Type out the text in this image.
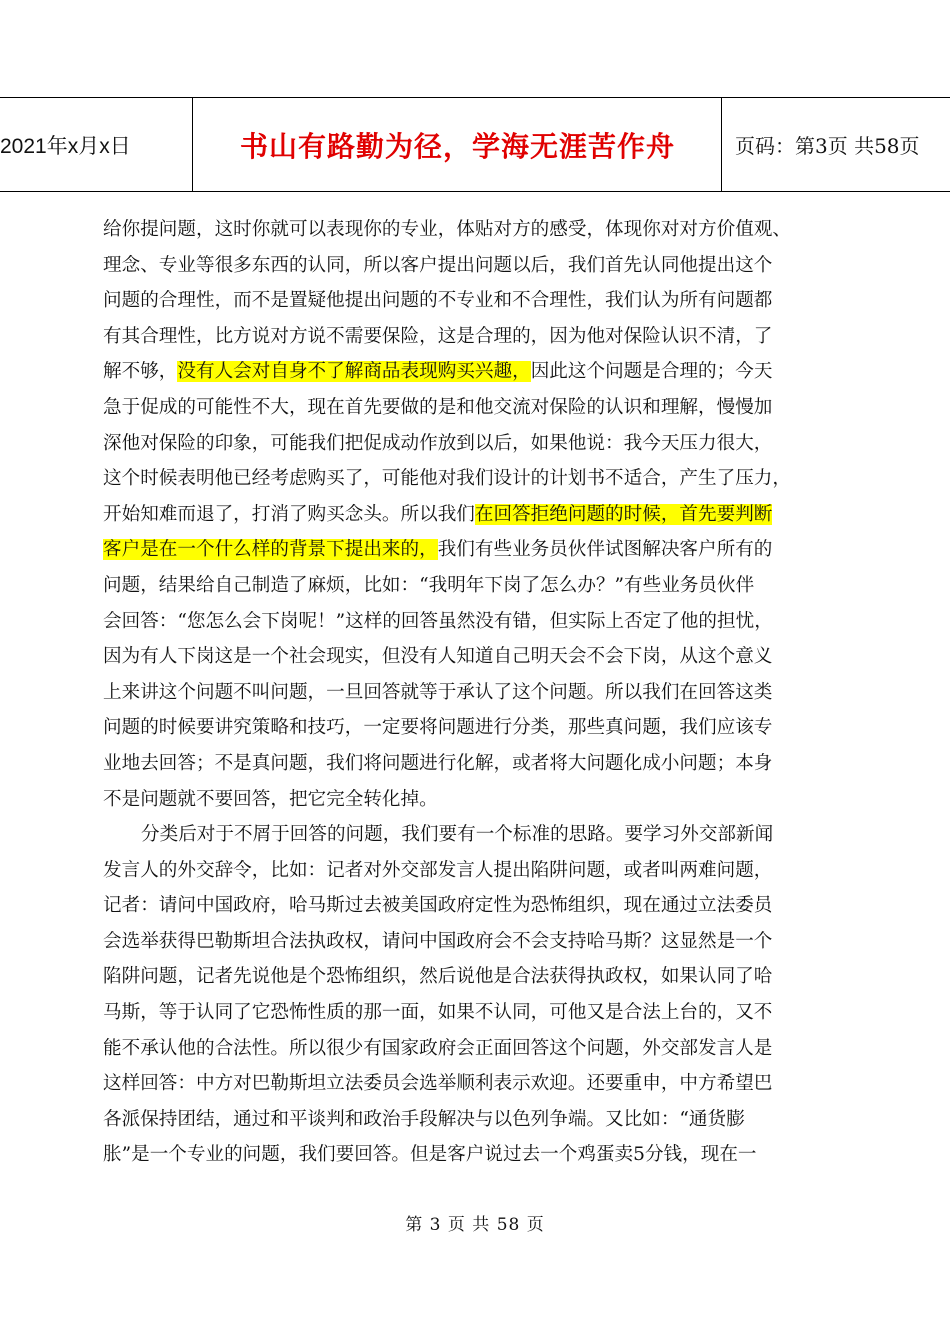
2021年x月x日	书山有路勤为径，学海无涯苦作舟	页码：第3页 共58页
给你提问题，这时你就可以表现你的专业，体贴对方的感受，体现你对对方价值观、
理念、专业等很多东西的认同，所以客户提出问题以后，我们首先认同他提出这个
问题的合理性，而不是置疑他提出问题的不专业和不合理性，我们认为所有问题都
有其合理性，比方说对方说不需要保险，这是合理的，因为他对保险认识不清，了
解不够，没有人会对自身不了解商品表现购买兴趣，因此这个问题是合理的；今天
急于促成的可能性不大，现在首先要做的是和他交流对保险的认识和理解，慢慢加
深他对保险的印象，可能我们把促成动作放到以后，如果他说：我今天压力很大，
这个时候表明他已经考虑购买了，可能他对我们设计的计划书不适合，产生了压力，
开始知难而退了，打消了购买念头。所以我们在回答拒绝问题的时候，首先要判断
客户是在一个什么样的背景下提出来的，我们有些业务员伙伴试图解决客户所有的
问题，结果给自己制造了麻烦，比如：“我明年下岗了怎么办？”有些业务员伙伴
会回答：“您怎么会下岗呢！”这样的回答虽然没有错，但实际上否定了他的担忧，
因为有人下岗这是一个社会现实，但没有人知道自己明天会不会下岗，从这个意义
上来讲这个问题不叫问题，一旦回答就等于承认了这个问题。所以我们在回答这类
问题的时候要讲究策略和技巧，一定要将问题进行分类，那些真问题，我们应该专
业地去回答；不是真问题，我们将问题进行化解，或者将大问题化成小问题；本身
不是问题就不要回答，把它完全转化掉。
分类后对于不屑于回答的问题，我们要有一个标准的思路。要学习外交部新闻
发言人的外交辞令，比如：记者对外交部发言人提出陷阱问题，或者叫两难问题，
记者：请问中国政府，哈马斯过去被美国政府定性为恐怖组织，现在通过立法委员
会选举获得巴勒斯坦合法执政权，请问中国政府会不会支持哈马斯？这显然是一个
陷阱问题，记者先说他是个恐怖组织，然后说他是合法获得执政权，如果认同了哈
马斯，等于认同了它恐怖性质的那一面，如果不认同，可他又是合法上台的，又不
能不承认他的合法性。所以很少有国家政府会正面回答这个问题，外交部发言人是
这样回答：中方对巴勒斯坦立法委员会选举顺利表示欢迎。还要重申，中方希望巴
各派保持团结，通过和平谈判和政治手段解决与以色列争端。又比如：“通货膨
胀”是一个专业的问题，我们要回答。但是客户说过去一个鸡蛋卖5分钱，现在一
第 3 页 共 58 页
